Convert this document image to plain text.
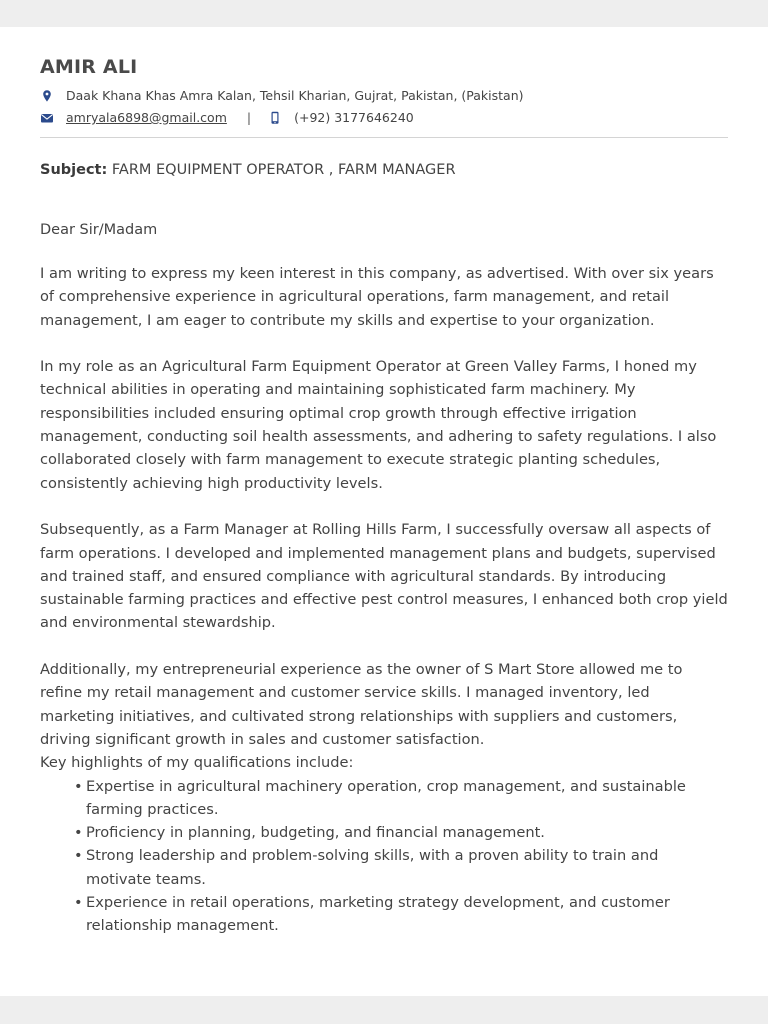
AMIR ALI
Daak Khana Khas Amra Kalan, Tehsil Kharian, Gujrat, Pakistan, (Pakistan)
amryala6898@gmail.com |	(+92) 3177646240
Subject: FARM EQUIPMENT OPERATOR , FARM MANAGER
Dear Sir/Madam

I am writing to express my keen interest in this company, as advertised. With over six years of comprehensive experience in agricultural operations, farm management, and retail management, I am eager to contribute my skills and expertise to your organization.

In my role as an Agricultural Farm Equipment Operator at Green Valley Farms, I honed my technical abilities in operating and maintaining sophisticated farm machinery. My responsibilities included ensuring optimal crop growth through effective irrigation management, conducting soil health assessments, and adhering to safety regulations. I also collaborated closely with farm management to execute strategic planting schedules, consistently achieving high productivity levels.

Subsequently, as a Farm Manager at Rolling Hills Farm, I successfully oversaw all aspects of farm operations. I developed and implemented management plans and budgets, supervised and trained staff, and ensured compliance with agricultural standards. By introducing sustainable farming practices and effective pest control measures, I enhanced both crop yield and environmental stewardship.

Additionally, my entrepreneurial experience as the owner of S Mart Store allowed me to refine my retail management and customer service skills. I managed inventory, led marketing initiatives, and cultivated strong relationships with suppliers and customers, driving significant growth in sales and customer satisfaction.

Key highlights of my qualifications include:
• Expertise in agricultural machinery operation, crop management, and sustainable farming practices.
• Proficiency in planning, budgeting, and financial management.
• Strong leadership and problem-solving skills, with a proven ability to train and motivate teams.
• Experience in retail operations, marketing strategy development, and customer relationship management.
